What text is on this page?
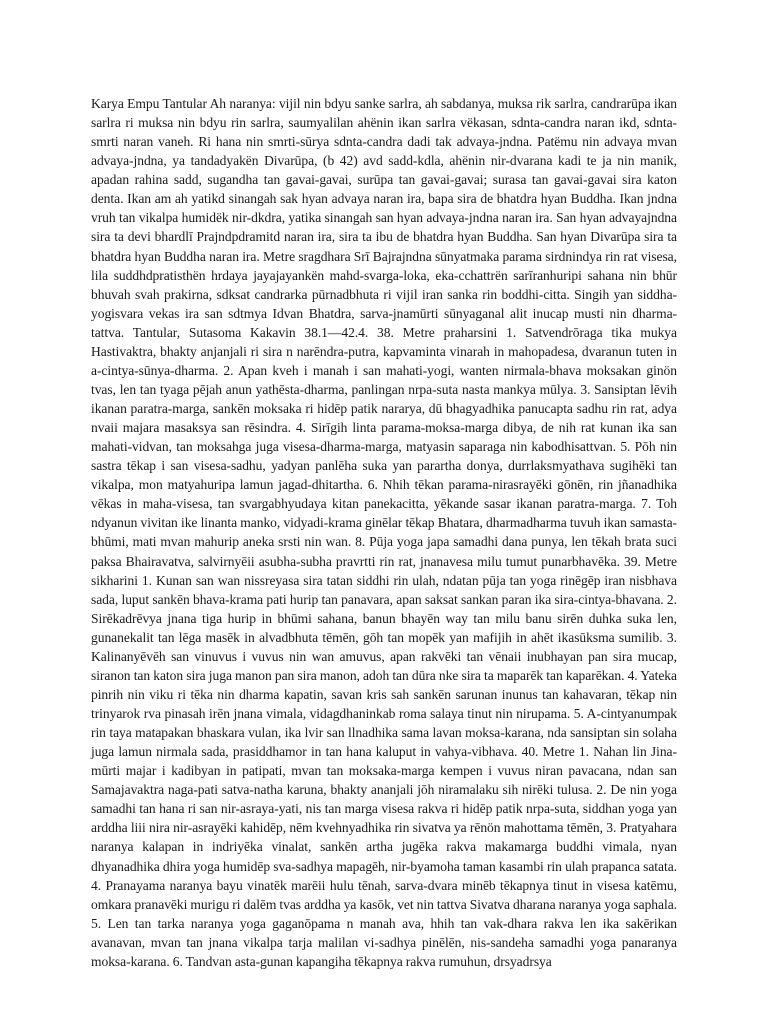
Karya Empu Tantular Ah naranya: vijil nin bdyu sanke sarlra, ah sabdanya, muksa rik sarlra, candrarūpa ikan sarlra ri muksa nin bdyu rin sarlra, saumyalilan ahënin ikan sarlra vëkasan, sdnta-candra naran ikd, sdnta-smrti naran vaneh. Ri hana nin smrti-sūrya sdnta-candra dadi tak advaya-jndna. Patëmu nin advaya mvan advaya-jndna, ya tandadyakën Divarūpa, (b 42) avd sadd-kdla, ahënin nir-dvarana kadi te ja nin manik, apadan rahina sadd, sugandha tan gavai-gavai, surūpa tan gavai-gavai; surasa tan gavai-gavai sira katon denta. Ikan am ah yatikd sinangah sak hyan advaya naran ira, bapa sira de bhatdra hyan Buddha. Ikan jndna vruh tan vikalpa humidëk nir-dkdra, yatika sinangah san hyan advaya-jndna naran ira. San hyan advayajndna sira ta devi bhardlī Prajndpdramitd naran ira, sira ta ibu de bhatdra hyan Buddha. San hyan Divarūpa sira ta bhatdra hyan Buddha naran ira. Metre sragdhara Srī Bajrajndna sūnyatmaka parama sirdnindya rin rat visesa, lila suddhdpratisthën hrdaya jayajayankën mahd-svarga-loka, eka-cchattrën sarīranhuripi sahana nin bhūr bhuvah svah prakirna, sdksat candrarka pūrnadbhuta ri vijil iran sanka rin boddhi-citta. Singih yan siddha-yogisvara vekas ira san sdtmya Idvan Bhatdra, sarva-jnamūrti sūnyaganal alit inucap musti nin dharma-tattva. Tantular, Sutasoma Kakavin 38.1—42.4. 38. Metre praharsini 1. Satvendrōraga tika mukya Hastivaktra, bhakty anjanjali ri sira n narēndra-putra, kapvaminta vinarah in mahopadesa, dvaranun tuten in a-cintya-sūnya-dharma. 2. Apan kveh i manah i san mahati-yogi, wanten nirmala-bhava moksakan ginön tvas, len tan tyaga pējah anun yathēsta-dharma, panlingan nrpa-suta nasta mankya mūlya. 3. Sansiptan lēvih ikanan paratra-marga, sankēn moksaka ri hidēp patik nararya, dū bhagyadhika panucapta sadhu rin rat, adya nvaii majara masaksya san rēsindra. 4. Sirīgih linta parama-moksa-marga dibya, de nih rat kunan ika san mahati-vidvan, tan moksahga juga visesa-dharma-marga, matyasin saparaga nin kabodhisattvan. 5. Pōh nin sastra tēkap i san visesa-sadhu, yadyan panlēha suka yan parartha donya, durrlaksmyathava sugihēki tan vikalpa, mon matyahuripa lamun jagad-dhitartha. 6. Nhih tēkan parama-nirasrayēki gōnēn, rin jñanadhika vēkas in maha-visesa, tan svargabhyudaya kitan panekacitta, yēkande sasar ikanan paratra-marga. 7. Toh ndyanun vivitan ike linanta manko, vidyadi-krama ginēlar tēkap Bhatara, dharmadharma tuvuh ikan samasta-bhūmi, mati mvan mahurip aneka srsti nin wan. 8. Pūja yoga japa samadhi dana punya, len tēkah brata suci paksa Bhairavatva, salvirnyēii asubha-subha pravrtti rin rat, jnanavesa milu tumut punarbhavēka. 39. Metre sikharini 1. Kunan san wan nissreyasa sira tatan siddhi rin ulah, ndatan pūja tan yoga rinēgēp iran nisbhava sada, luput sankēn bhava-krama pati hurip tan panavara, apan saksat sankan paran ika sira-cintya-bhavana. 2. Sirēkadrēvya jnana tiga hurip in bhūmi sahana, banun bhayēn way tan milu banu sirēn duhka suka len, gunanekalit tan lēga masēk in alvadbhuta tēmēn, gōh tan mopēk yan mafijih in ahēt ikasūksma sumilib. 3. Kalinanyēvēh san vinuvus i vuvus nin wan amuvus, apan rakvēki tan vēnaii inubhayan pan sira mucap, siranon tan katon sira juga manon pan sira manon, adoh tan dūra nke sira ta maparēk tan kaparēkan. 4. Yateka pinrih nin viku ri tēka nin dharma kapatin, savan kris sah sankēn sarunan inunus tan kahavaran, tēkap nin trinyarok rva pinasah irēn jnana vimala, vidagdhaninkab roma salaya tinut nin nirupama. 5. A-cintyanumpak rin taya matapakan bhaskara vulan, ika lvir san llnadhika sama lavan moksa-karana, nda sansiptan sin solaha juga lamun nirmala sada, prasiddhamor in tan hana kaluput in vahya-vibhava. 40. Metre 1. Nahan lin Jina-mūrti majar i kadibyan in patipati, mvan tan moksaka-marga kempen i vuvus niran pavacana, ndan san Samajavaktra naga-pati satva-natha karuna, bhakty ananjali jōh niramalaku sih nirēki tulusa. 2. De nin yoga samadhi tan hana ri san nir-asraya-yati, nis tan marga visesa rakva ri hidēp patik nrpa-suta, siddhan yoga yan arddha liii nira nir-asrayēki kahidēp, nēm kvehnyadhika rin sivatva ya rēnön mahottama tēmēn, 3. Pratyahara naranya kalapan in indriyēka vinalat, sankēn artha jugēka rakva makamarga buddhi vimala, nyan dhyanadhika dhira yoga humidēp sva-sadhya mapagēh, nir-byamoha taman kasambi rin ulah prapanca satata. 4. Pranayama naranya bayu vinatēk marēii hulu tēnah, sarva-dvara minēb tēkapnya tinut in visesa katēmu, omkara pranavēki murigu ri dalēm tvas arddha ya kasōk, vet nin tattva Sivatva dharana naranya yoga saphala. 5. Len tan tarka naranya yoga gaganōpama n manah ava, hhih tan vak-dhara rakva len ika sakērikan avanavan, mvan tan jnana vikalpa tarja malilan vi-sadhya pinēlēn, nis-sandeha samadhi yoga panaranya moksa-karana. 6. Tandvan asta-gunan kapangiha tēkapnya rakva rumuhun, drsyadrsya
